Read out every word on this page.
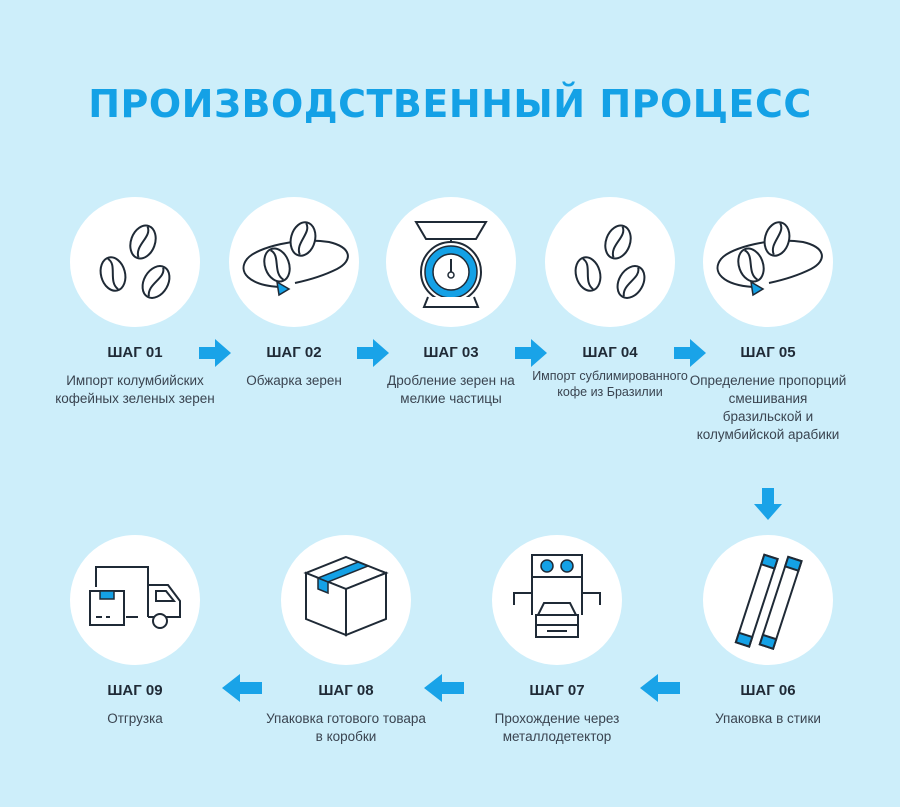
ПРОИЗВОДСТВЕННЫЙ ПРОЦЕСС
ШАГ 01
Импорт колумбийских кофейных зеленых зерен
ШАГ 02
Обжарка зерен
ШАГ 03
Дробление зерен на мелкие частицы
ШАГ 04
Импорт сублимированного кофе из Бразилии
ШАГ 05
Определение пропорций смешивания бразильской и колумбийской арабики
ШАГ 06
Упаковка в стики
ШАГ 07
Прохождение через металлодетектор
ШАГ 08
Упаковка готового товара в коробки
ШАГ 09
Отгрузка
